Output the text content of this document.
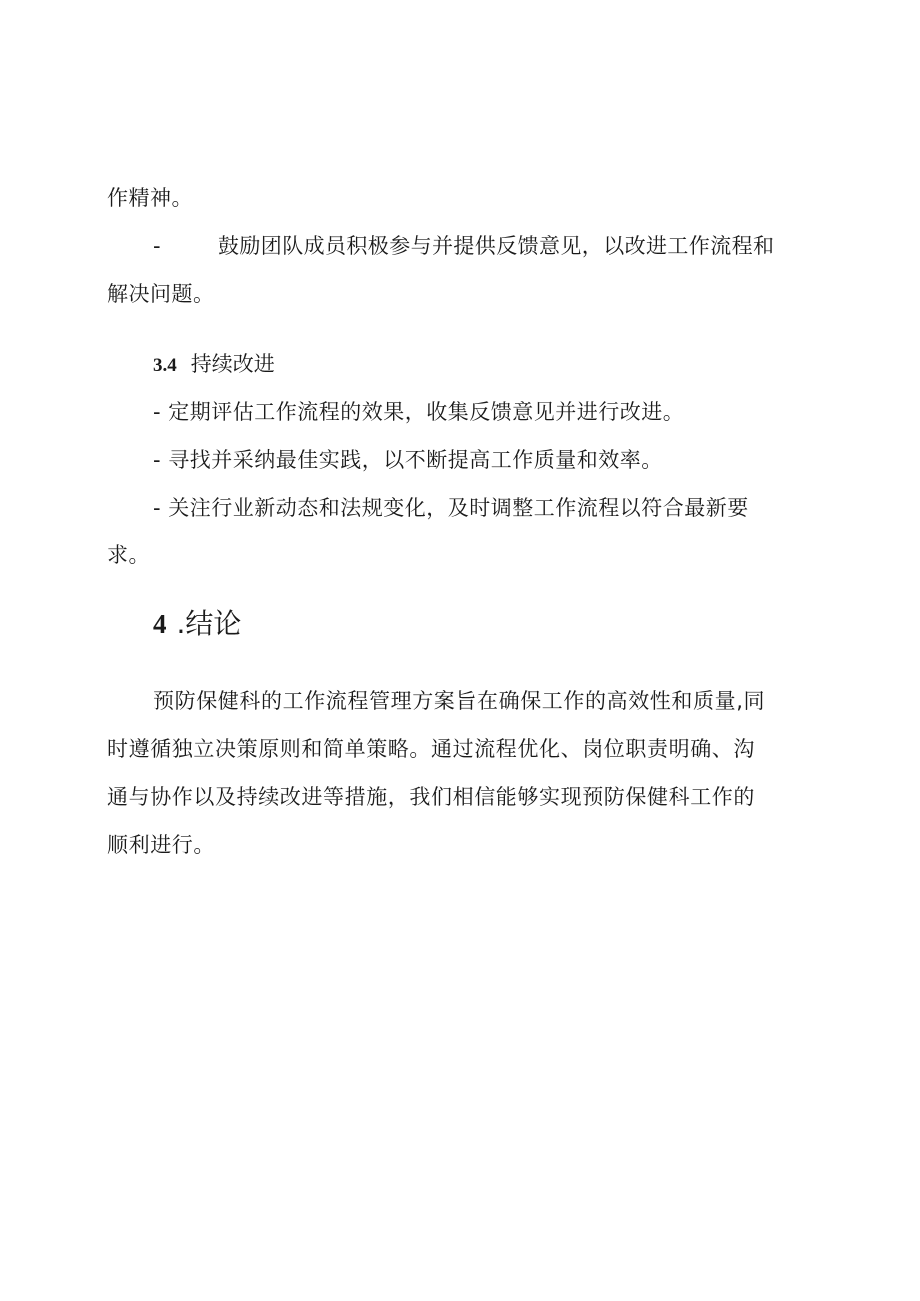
作精神。
-	鼓励团队成员积极参与并提供反馈意见，以改进工作流程和
解决问题。
3.4 持续改进
- 定期评估工作流程的效果，收集反馈意见并进行改进。
- 寻找并采纳最佳实践，以不断提高工作质量和效率。
- 关注行业新动态和法规变化，及时调整工作流程以符合最新要
求。
4 .结论
预防保健科的工作流程管理方案旨在确保工作的高效性和质量,同
时遵循独立决策原则和简单策略。通过流程优化、岗位职责明确、沟
通与协作以及持续改进等措施，我们相信能够实现预防保健科工作的
顺利进行。
